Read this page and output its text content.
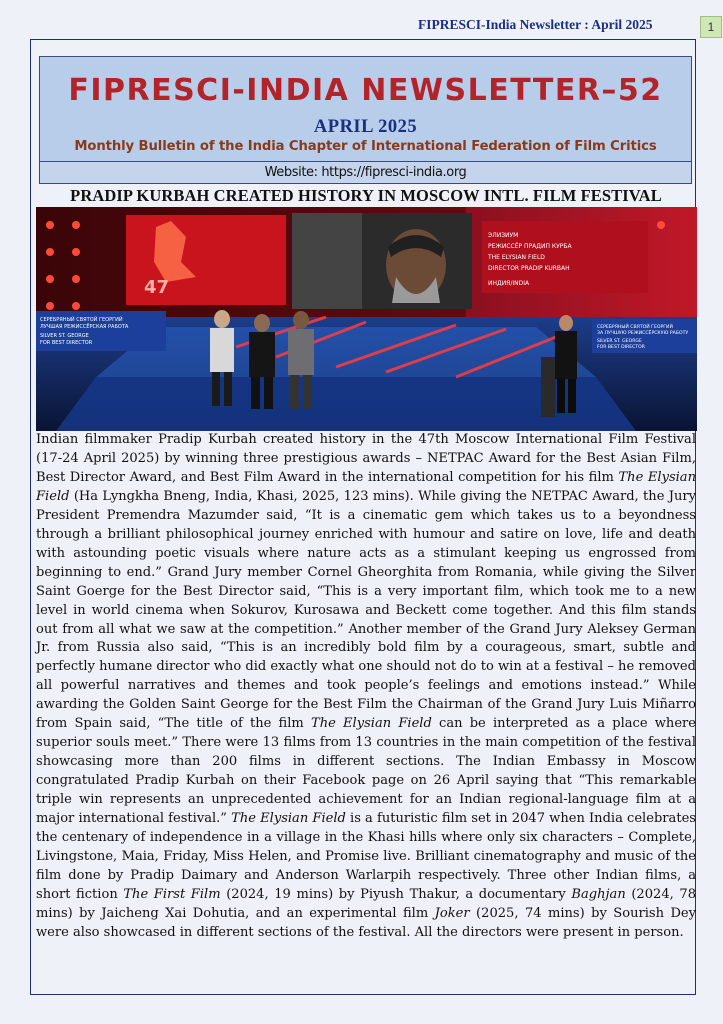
FIPRESCI-India Newsletter : April 2025	1
FIPRESCI-INDIA NEWSLETTER–52
APRIL 2025
Monthly Bulletin of the India Chapter of International Federation of Film Critics
Website: https://fipresci-india.org
PRADIP KURBAH CREATED HISTORY IN MOSCOW INTL. FILM FESTIVAL
47
ЭЛИЗИУМ
РЕЖИССЁР ПРАДИП КУРБА
THE ELYSIAN FIELD
DIRECTOR PRADIP KURBAH
ИНДИЯ/INDIA
СЕРЕБРЯНЫЙ СВЯТОЙ ГЕОРГИЙ
ЛУЧШАЯ РЕЖИССЁРСКАЯ РАБОТА
SILVER ST. GEORGE
FOR BEST DIRECTOR
СЕРЕБРЯНЫЙ СВЯТОЙ ГЕОРГИЙ
ЗА ЛУЧШУЮ РЕЖИССЁРСКУЮ РАБОТУ
SILVER ST. GEORGE
FOR BEST DIRECTOR

Indian filmmaker Pradip Kurbah created history in the 47th Moscow International Film Festival (17-24 April 2025) by winning three prestigious awards – NETPAC Award for the Best Asian Film, Best Director Award, and Best Film Award in the international competition for his film The Elysian Field (Ha Lyngkha Bneng, India, Khasi, 2025, 123 mins). While giving the NETPAC Award, the Jury President Premendra Mazumder said, “It is a cinematic gem which takes us to a beyondness through a brilliant philosophical journey enriched with humour and satire on love, life and death with astounding poetic visuals where nature acts as a stimulant keeping us engrossed from beginning to end.” Grand Jury member Cornel Gheorghita from Romania, while giving the Silver Saint Goerge for the Best Director said, “This is a very important film, which took me to a new level in world cinema when Sokurov, Kurosawa and Beckett come together. And this film stands out from all what we saw at the competition.” Another member of the Grand Jury Aleksey German Jr. from Russia also said, “This is an incredibly bold film by a courageous, smart, subtle and perfectly humane director who did exactly what one should not do to win at a festival – he removed all powerful narratives and themes and took people’s feelings and emotions instead.” While awarding the Golden Saint George for the Best Film the Chairman of the Grand Jury Luis Miñarro from Spain said, “The title of the film The Elysian Field can be interpreted as a place where superior souls meet.” There were 13 films from 13 countries in the main competition of the festival showcasing more than 200 films in different sections. The Indian Embassy in Moscow congratulated Pradip Kurbah on their Facebook page on 26 April saying that “This remarkable triple win represents an unprecedented achievement for an Indian regional-language film at a major international festival.” The Elysian Field is a futuristic film set in 2047 when India celebrates the centenary of independence in a village in the Khasi hills where only six characters – Complete, Livingstone, Maia, Friday, Miss Helen, and Promise live. Brilliant cinematography and music of the film done by Pradip Daimary and Anderson Warlarpih respectively. Three other Indian films, a short fiction The First Film (2024, 19 mins) by Piyush Thakur, a documentary Baghjan (2024, 78 mins) by Jaicheng Xai Dohutia, and an experimental film Joker (2025, 74 mins) by Sourish Dey were also showcased in different sections of the festival. All the directors were present in person.
